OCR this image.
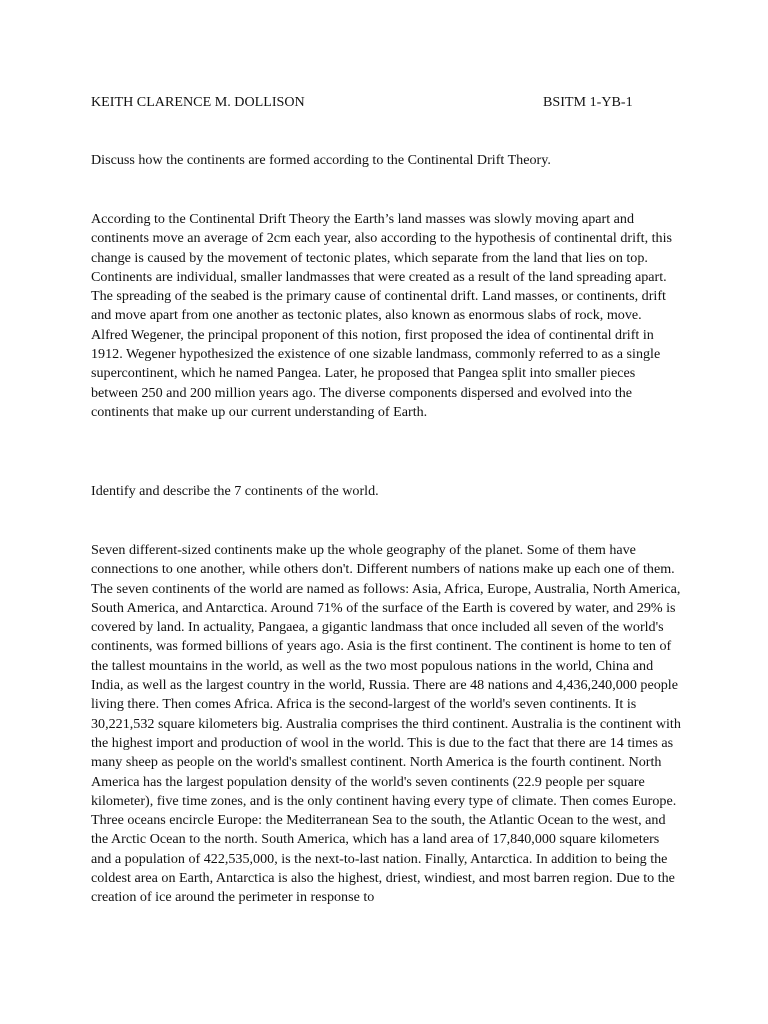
KEITH CLARENCE M. DOLLISON	BSITM 1-YB-1

Discuss how the continents are formed according to the Continental Drift Theory.

According to the Continental Drift Theory the Earth’s land masses was slowly moving apart and continents move an average of 2cm each year, also according to the hypothesis of continental drift, this change is caused by the movement of tectonic plates, which separate from the land that lies on top. Continents are individual, smaller landmasses that were created as a result of the land spreading apart. The spreading of the seabed is the primary cause of continental drift. Land masses, or continents, drift and move apart from one another as tectonic plates, also known as enormous slabs of rock, move. Alfred Wegener, the principal proponent of this notion, first proposed the idea of continental drift in 1912. Wegener hypothesized the existence of one sizable landmass, commonly referred to as a single supercontinent, which he named Pangea. Later, he proposed that Pangea split into smaller pieces between 250 and 200 million years ago. The diverse components dispersed and evolved into the continents that make up our current understanding of Earth.

Identify and describe the 7 continents of the world.

Seven different-sized continents make up the whole geography of the planet. Some of them have connections to one another, while others don't. Different numbers of nations make up each one of them. The seven continents of the world are named as follows: Asia, Africa, Europe, Australia, North America, South America, and Antarctica. Around 71% of the surface of the Earth is covered by water, and 29% is covered by land. In actuality, Pangaea, a gigantic landmass that once included all seven of the world's continents, was formed billions of years ago. Asia is the first continent. The continent is home to ten of the tallest mountains in the world, as well as the two most populous nations in the world, China and India, as well as the largest country in the world, Russia. There are 48 nations and 4,436,240,000 people living there. Then comes Africa. Africa is the second-largest of the world's seven continents. It is 30,221,532 square kilometers big. Australia comprises the third continent. Australia is the continent with the highest import and production of wool in the world. This is due to the fact that there are 14 times as many sheep as people on the world's smallest continent. North America is the fourth continent. North America has the largest population density of the world's seven continents (22.9 people per square kilometer), five time zones, and is the only continent having every type of climate. Then comes Europe. Three oceans encircle Europe: the Mediterranean Sea to the south, the Atlantic Ocean to the west, and the Arctic Ocean to the north. South America, which has a land area of 17,840,000 square kilometers and a population of 422,535,000, is the next-to-last nation. Finally, Antarctica. In addition to being the coldest area on Earth, Antarctica is also the highest, driest, windiest, and most barren region. Due to the creation of ice around the perimeter in response to
